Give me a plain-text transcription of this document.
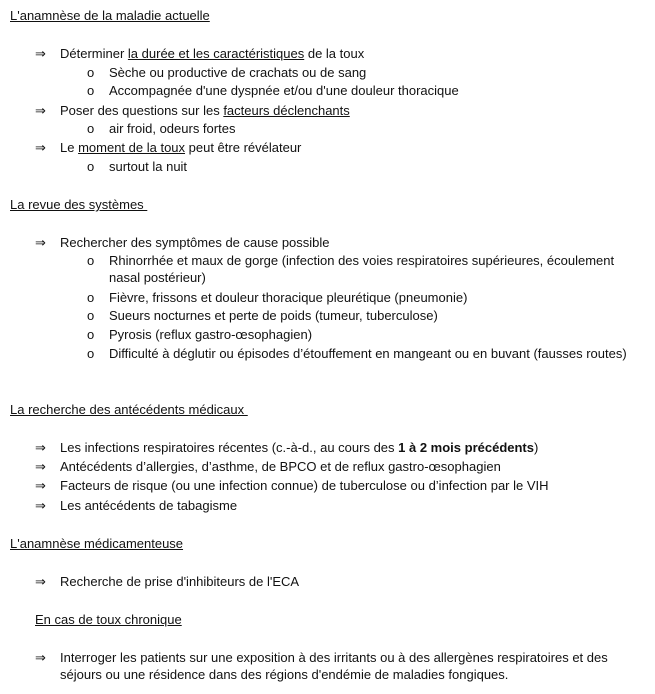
L'anamnèse de la maladie actuelle
⇒	Déterminer la durée et les caractéristiques de la toux
o Sèche ou productive de crachats ou de sang
o Accompagnée d'une dyspnée et/ou d'une douleur thoracique
⇒	Poser des questions sur les facteurs déclenchants
o air froid, odeurs fortes
⇒	Le moment de la toux peut être révélateur
o surtout la nuit
La revue des systèmes
⇒	Rechercher des symptômes de cause possible
o Rhinorrhée et maux de gorge (infection des voies respiratoires supérieures, écoulement nasal postérieur)
o Fièvre, frissons et douleur thoracique pleurétique (pneumonie)
o Sueurs nocturnes et perte de poids (tumeur, tuberculose)
o Pyrosis (reflux gastro-œsophagien)
o Difficulté à déglutir ou épisodes d’étouffement en mangeant ou en buvant (fausses routes)
La recherche des antécédents médicaux
⇒	Les infections respiratoires récentes (c.-à-d., au cours des 1 à 2 mois précédents)
⇒	Antécédents d’allergies, d’asthme, de BPCO et de reflux gastro-œsophagien
⇒	Facteurs de risque (ou une infection connue) de tuberculose ou d’infection par le VIH
⇒	Les antécédents de tabagisme
L'anamnèse médicamenteuse
⇒	Recherche de prise d'inhibiteurs de l'ECA
En cas de toux chronique
⇒	Interroger les patients sur une exposition à des irritants ou à des allergènes respiratoires et des séjours ou une résidence dans des régions d'endémie de maladies fongiques.
